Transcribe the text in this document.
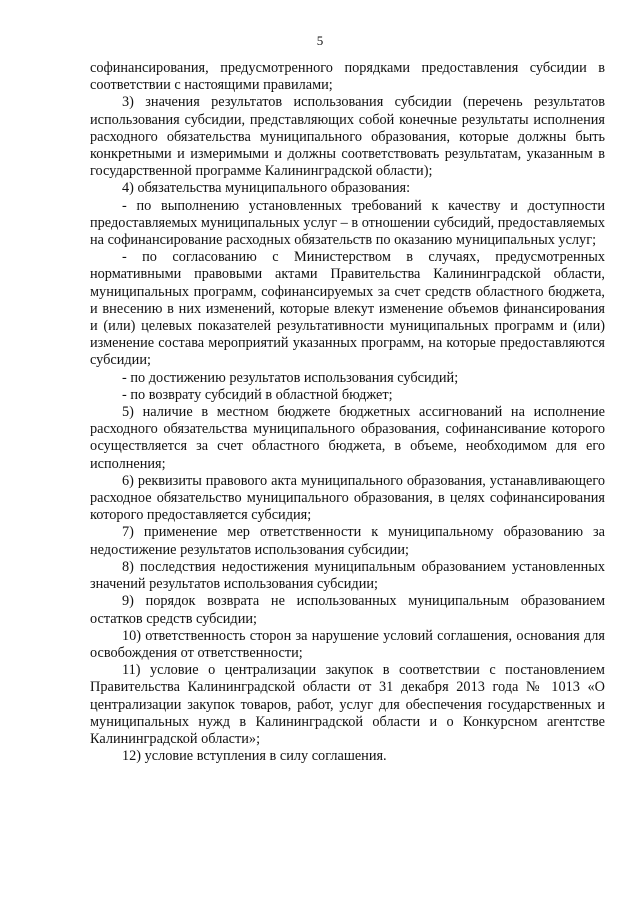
5

софинансирования, предусмотренного порядками предоставления субсидии в соответствии с настоящими правилами;

3) значения результатов использования субсидии (перечень результатов использования субсидии, представляющих собой конечные результаты исполнения расходного обязательства муниципального образования, которые должны быть конкретными и измеримыми и должны соответствовать результатам, указанным в государственной программе Калининградской области);

4) обязательства муниципального образования:

- по выполнению установленных требований к качеству и доступности предоставляемых муниципальных услуг – в отношении субсидий, предоставляемых на софинансирование расходных обязательств по оказанию муниципальных услуг;

- по согласованию с Министерством в случаях, предусмотренных нормативными правовыми актами Правительства Калининградской области, муниципальных программ, софинансируемых за счет средств областного бюджета, и внесению в них изменений, которые влекут изменение объемов финансирования и (или) целевых показателей результативности муниципальных программ и (или) изменение состава мероприятий указанных программ, на которые предоставляются субсидии;

- по достижению результатов использования субсидий;

- по возврату субсидий в областной бюджет;

5) наличие в местном бюджете бюджетных ассигнований на исполнение расходного обязательства муниципального образования, софинансивание которого осуществляется за счет областного бюджета, в объеме, необходимом для его исполнения;

6) реквизиты правового акта муниципального образования, устанавливающего расходное обязательство муниципального образования, в целях софинансирования которого предоставляется субсидия;

7) применение мер ответственности к муниципальному образованию за недостижение результатов использования субсидии;

8) последствия недостижения муниципальным образованием установленных значений результатов использования субсидии;

9) порядок возврата не использованных муниципальным образованием остатков средств субсидии;

10) ответственность сторон за нарушение условий соглашения, основания для освобождения от ответственности;

11) условие о централизации закупок в соответствии с постановлением Правительства Калининградской области от 31 декабря 2013 года № 1013 «О централизации закупок товаров, работ, услуг для обеспечения государственных и муниципальных нужд в Калининградской области и о Конкурсном агентстве Калининградской области»;

12) условие вступления в силу соглашения.
